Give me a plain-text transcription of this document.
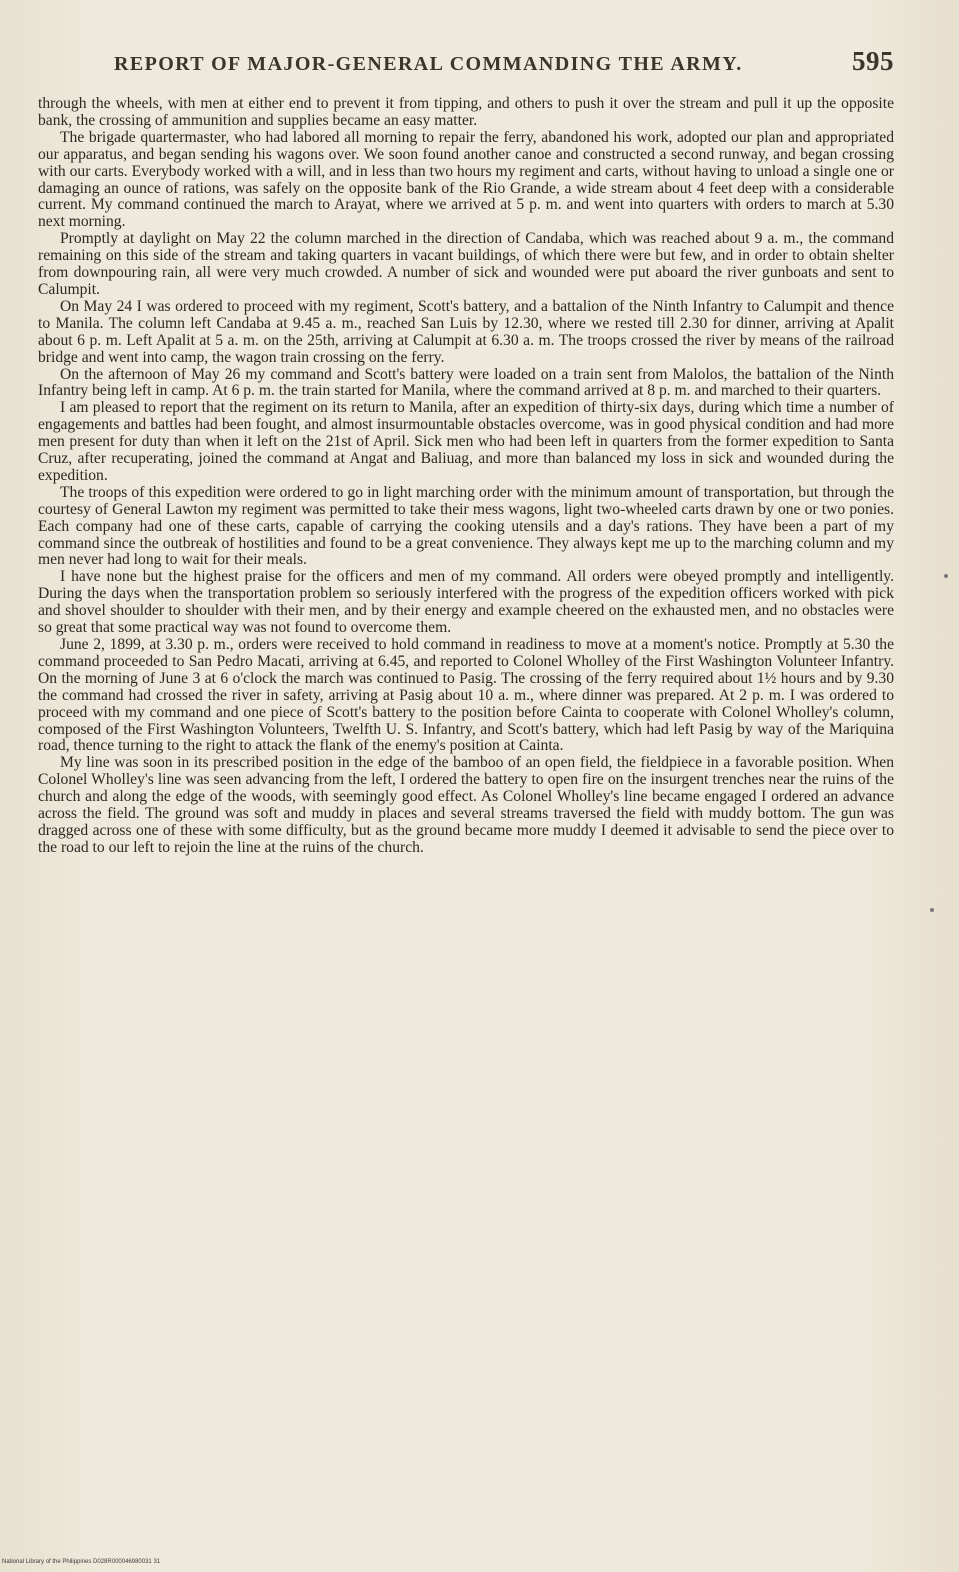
REPORT OF MAJOR-GENERAL COMMANDING THE ARMY.	595

through the wheels, with men at either end to prevent it from tipping, and others to push it over the stream and pull it up the opposite bank, the crossing of ammunition and supplies became an easy matter.

The brigade quartermaster, who had labored all morning to repair the ferry, abandoned his work, adopted our plan and appropriated our apparatus, and began sending his wagons over. We soon found another canoe and constructed a second runway, and began crossing with our carts. Everybody worked with a will, and in less than two hours my regiment and carts, without having to unload a single one or damaging an ounce of rations, was safely on the opposite bank of the Rio Grande, a wide stream about 4 feet deep with a considerable current. My command continued the march to Arayat, where we arrived at 5 p. m. and went into quarters with orders to march at 5.30 next morning.

Promptly at daylight on May 22 the column marched in the direction of Candaba, which was reached about 9 a. m., the command remaining on this side of the stream and taking quarters in vacant buildings, of which there were but few, and in order to obtain shelter from downpouring rain, all were very much crowded. A number of sick and wounded were put aboard the river gunboats and sent to Calumpit.

On May 24 I was ordered to proceed with my regiment, Scott's battery, and a battalion of the Ninth Infantry to Calumpit and thence to Manila. The column left Candaba at 9.45 a. m., reached San Luis by 12.30, where we rested till 2.30 for dinner, arriving at Apalit about 6 p. m. Left Apalit at 5 a. m. on the 25th, arriving at Calumpit at 6.30 a. m. The troops crossed the river by means of the railroad bridge and went into camp, the wagon train crossing on the ferry.

On the afternoon of May 26 my command and Scott's battery were loaded on a train sent from Malolos, the battalion of the Ninth Infantry being left in camp. At 6 p. m. the train started for Manila, where the command arrived at 8 p. m. and marched to their quarters.

I am pleased to report that the regiment on its return to Manila, after an expedition of thirty-six days, during which time a number of engagements and battles had been fought, and almost insurmountable obstacles overcome, was in good physical condition and had more men present for duty than when it left on the 21st of April. Sick men who had been left in quarters from the former expedition to Santa Cruz, after recuperating, joined the command at Angat and Baliuag, and more than balanced my loss in sick and wounded during the expedition.

The troops of this expedition were ordered to go in light marching order with the minimum amount of transportation, but through the courtesy of General Lawton my regiment was permitted to take their mess wagons, light two-wheeled carts drawn by one or two ponies. Each company had one of these carts, capable of carrying the cooking utensils and a day's rations. They have been a part of my command since the outbreak of hostilities and found to be a great convenience. They always kept me up to the marching column and my men never had long to wait for their meals.

I have none but the highest praise for the officers and men of my command. All orders were obeyed promptly and intelligently. During the days when the transportation problem so seriously interfered with the progress of the expedition officers worked with pick and shovel shoulder to shoulder with their men, and by their energy and example cheered on the exhausted men, and no obstacles were so great that some practical way was not found to overcome them.

June 2, 1899, at 3.30 p. m., orders were received to hold command in readiness to move at a moment's notice. Promptly at 5.30 the command proceeded to San Pedro Macati, arriving at 6.45, and reported to Colonel Wholley of the First Washington Volunteer Infantry. On the morning of June 3 at 6 o'clock the march was continued to Pasig. The crossing of the ferry required about 1½ hours and by 9.30 the command had crossed the river in safety, arriving at Pasig about 10 a. m., where dinner was prepared. At 2 p. m. I was ordered to proceed with my command and one piece of Scott's battery to the position before Cainta to cooperate with Colonel Wholley's column, composed of the First Washington Volunteers, Twelfth U. S. Infantry, and Scott's battery, which had left Pasig by way of the Mariquina road, thence turning to the right to attack the flank of the enemy's position at Cainta.

My line was soon in its prescribed position in the edge of the bamboo of an open field, the fieldpiece in a favorable position. When Colonel Wholley's line was seen advancing from the left, I ordered the battery to open fire on the insurgent trenches near the ruins of the church and along the edge of the woods, with seemingly good effect. As Colonel Wholley's line became engaged I ordered an advance across the field. The ground was soft and muddy in places and several streams traversed the field with muddy bottom. The gun was dragged across one of these with some difficulty, but as the ground became more muddy I deemed it advisable to send the piece over to the road to our left to rejoin the line at the ruins of the church.

National Library of the Philippines D028R000046980031 31
